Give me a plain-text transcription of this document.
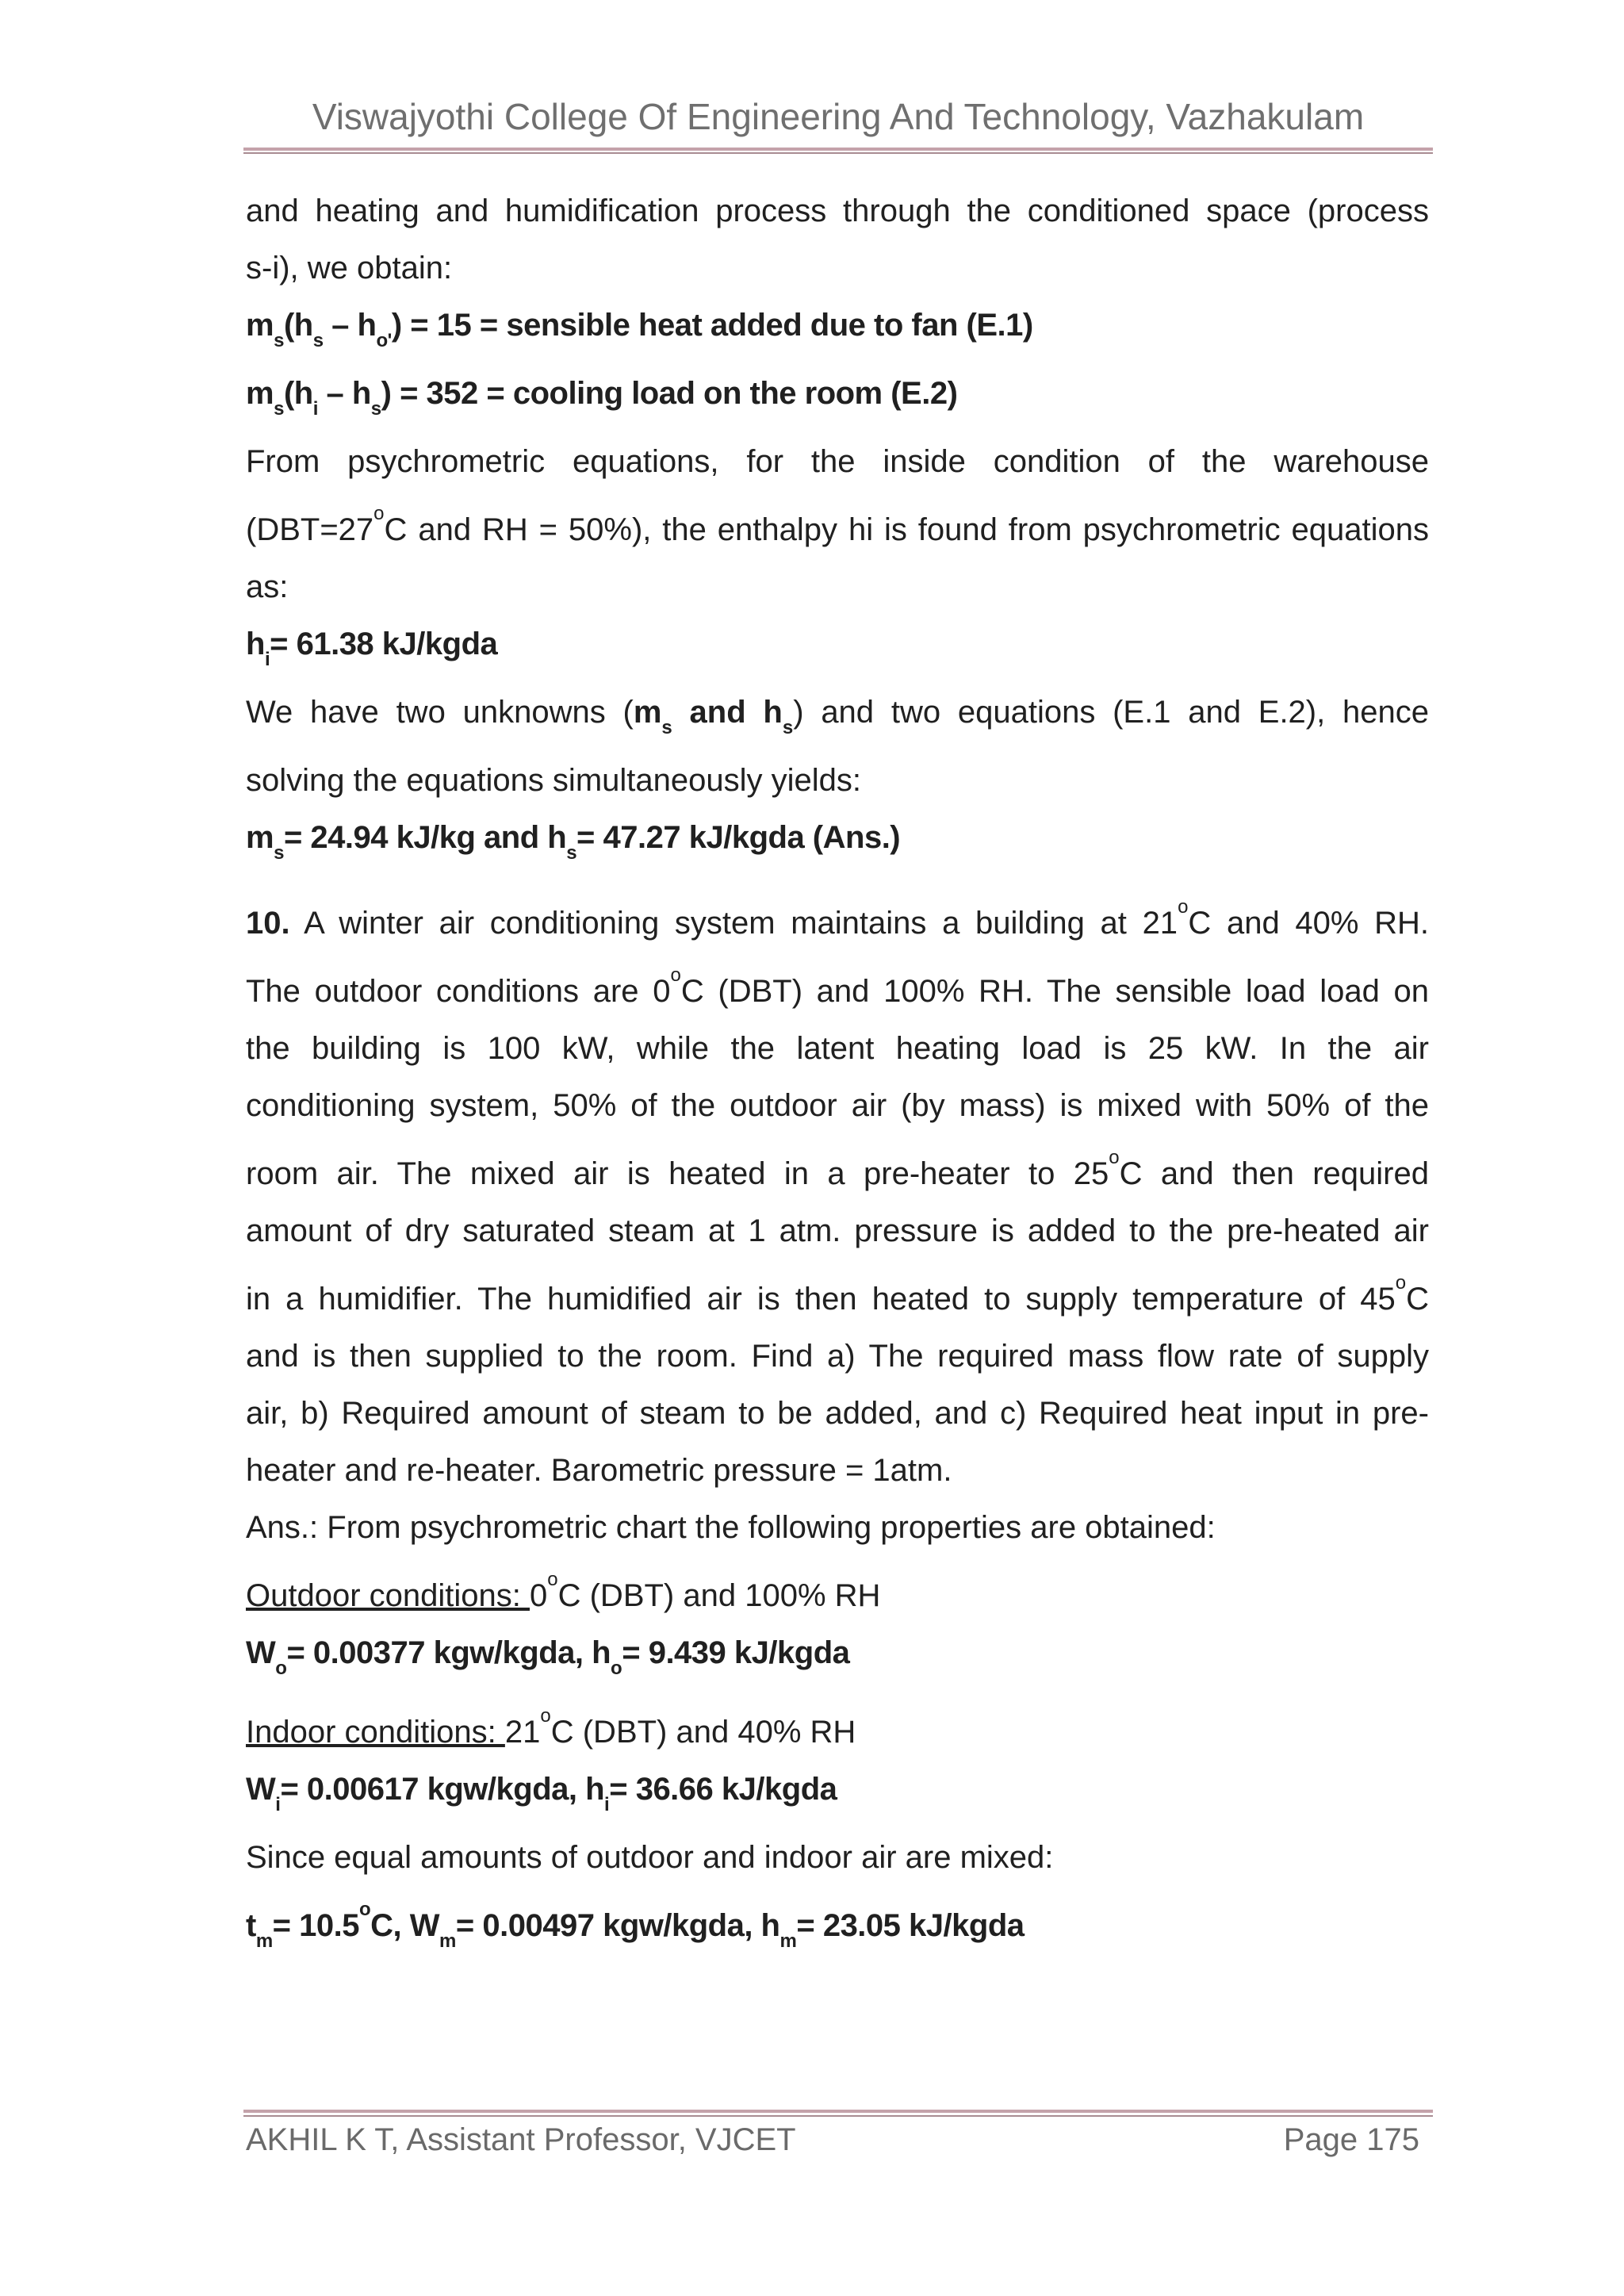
Viswajyothi College Of Engineering And Technology, Vazhakulam

and heating and humidification process through the conditioned space (process

s-i), we obtain:

$m_s(h_s - h_{o'}) = 15$ = sensible heat added due to fan (E.1)

$m_s(h_i - h_s) = 352$ = cooling load on the room (E.2)

From psychrometric equations, for the inside condition of the warehouse

($DBT=27^oC$ and RH = 50%), the enthalpy hi is found from psychrometric equations

as:

$h_i= 61.38$ kJ/kgda

We have two unknowns ($m_s$ and $h_s$) and two equations (E.1 and E.2), hence

solving the equations simultaneously yields:

$m_s= 24.94$ kJ/kg and $h_s= 47.27$ kJ/kgda (Ans.)

10. A winter air conditioning system maintains a building at 21$^o$C and 40% RH.

The outdoor conditions are 0$^o$C (DBT) and 100% RH. The sensible load load on

the building is 100 kW, while the latent heating load is 25 kW. In the air

conditioning system, 50% of the outdoor air (by mass) is mixed with 50% of the

room air. The mixed air is heated in a pre-heater to 25$^o$C and then required

amount of dry saturated steam at 1 atm. pressure is added to the pre-heated air

in a humidifier. The humidified air is then heated to supply temperature of 45$^o$C

and is then supplied to the room. Find a) The required mass flow rate of supply

air, b) Required amount of steam to be added, and c) Required heat input in pre-

heater and re-heater. Barometric pressure = 1atm.

Ans.: From psychrometric chart the following properties are obtained:

Outdoor conditions: 0$^o$C (DBT) and 100% RH

$W_o= 0.00377$ kgw/kgda, $h_o= 9.439$ kJ/kgda

Indoor conditions: 21$^o$C (DBT) and 40% RH

$W_i= 0.00617$ kgw/kgda, $h_i= 36.66$ kJ/kgda

Since equal amounts of outdoor and indoor air are mixed:

$t_m= 10.5^oC$, $W_m= 0.00497$ kgw/kgda, $h_m= 23.05$ kJ/kgda

AKHIL K T, Assistant Professor, VJCET	Page 175
